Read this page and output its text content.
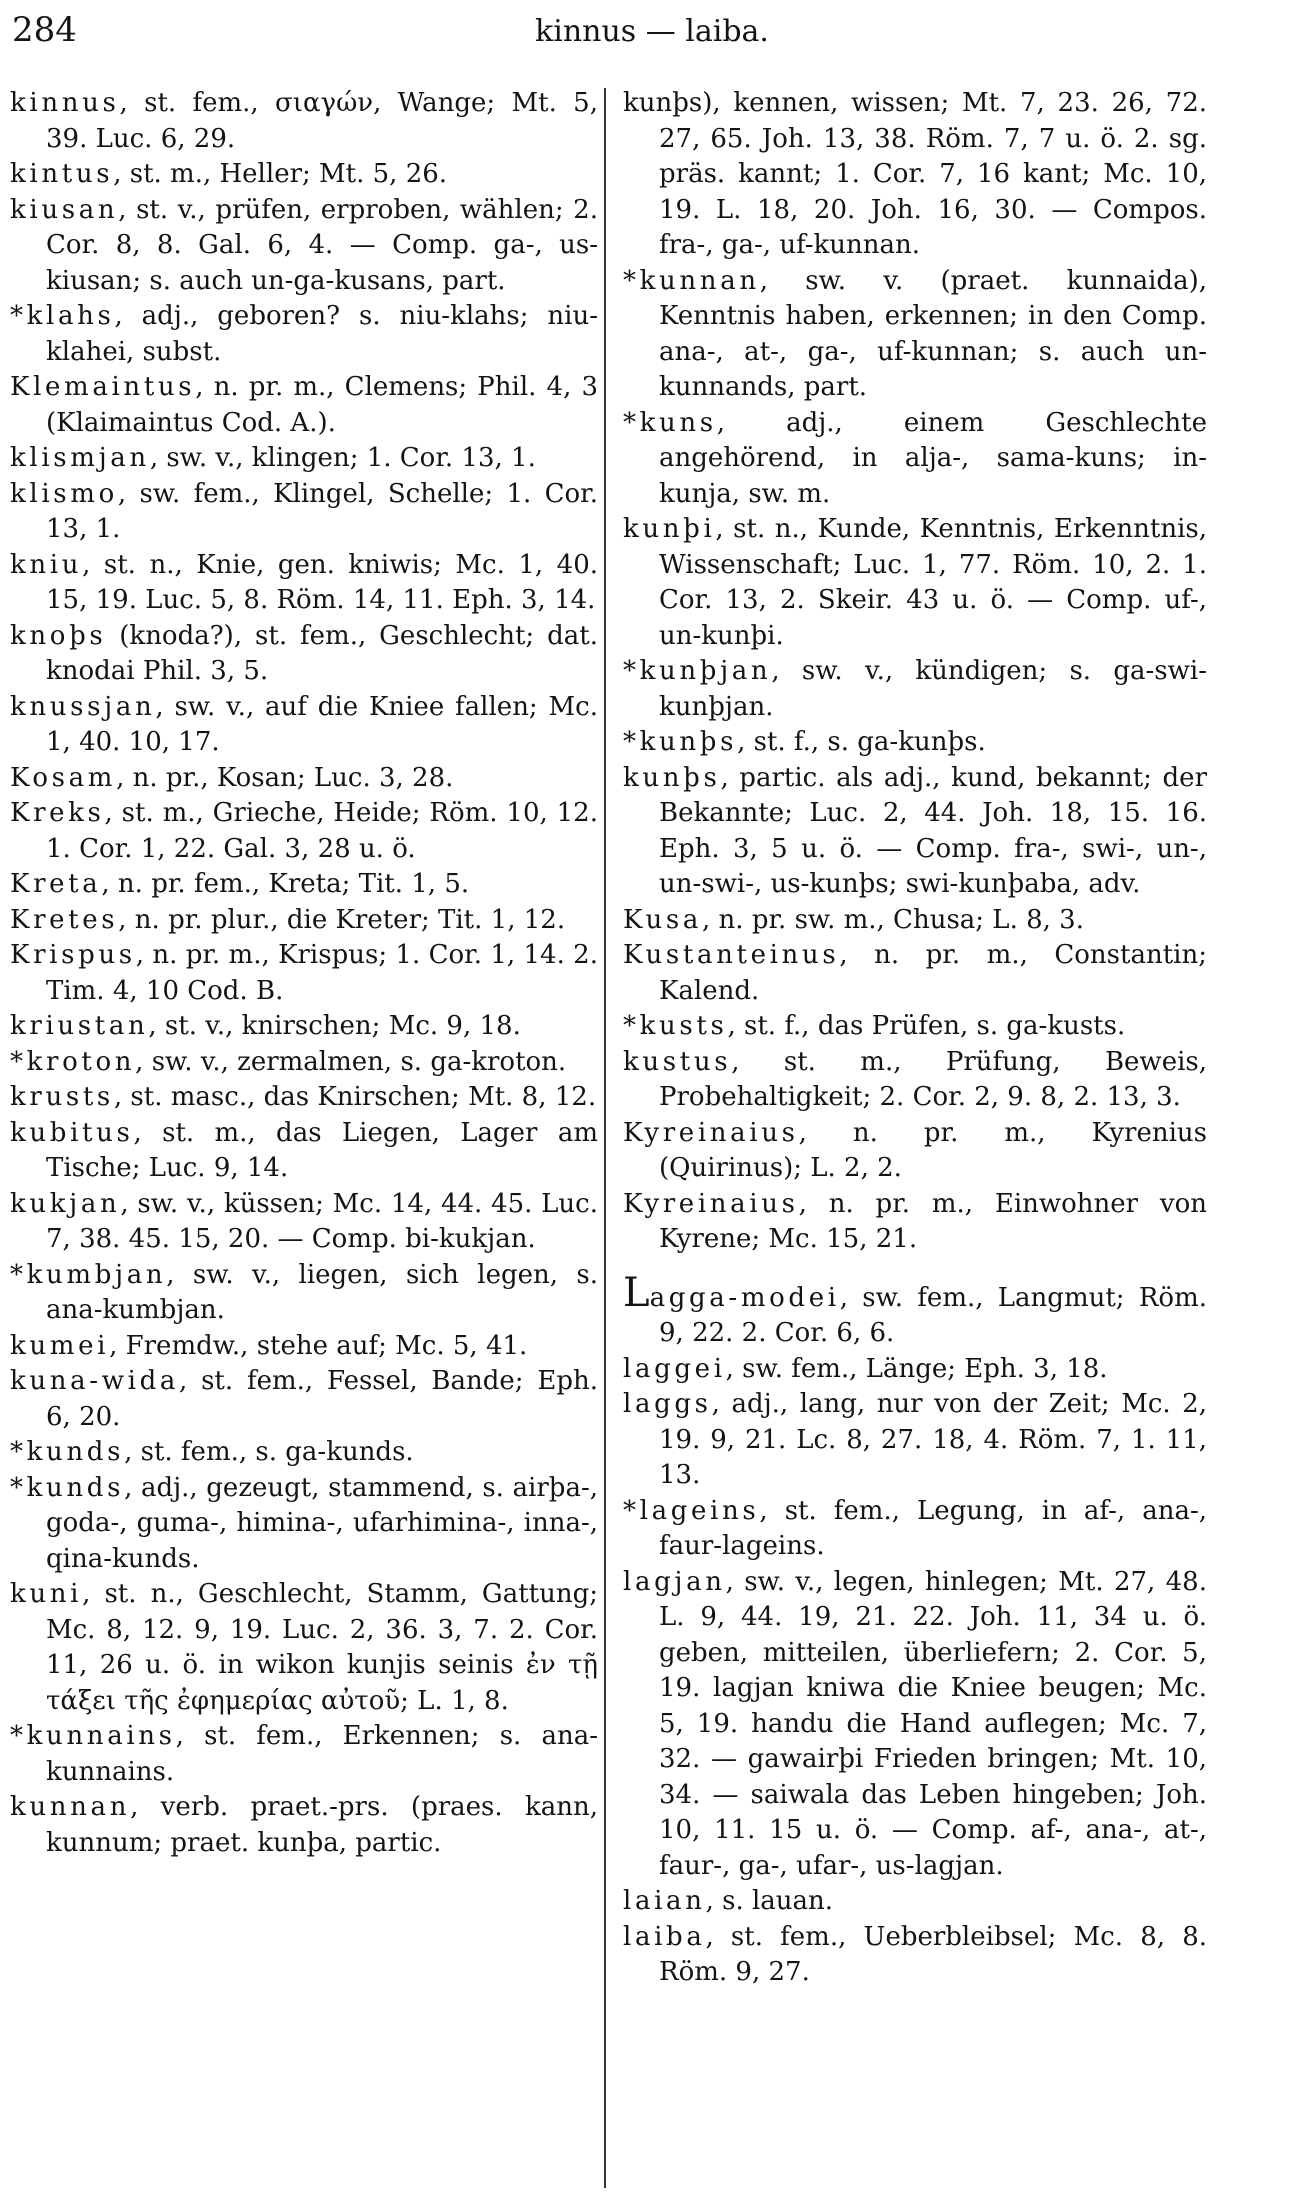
284	kinnus — laiba.

kinnus, st. fem., σιαγών, Wange; Mt. 5, 39. Luc. 6, 29.

kintus, st. m., Heller; Mt. 5, 26.

kiusan, st. v., prüfen, erproben, wählen; 2. Cor. 8, 8. Gal. 6, 4. — Comp. ga-, us-kiusan; s. auch un-ga-kusans, part.

*klahs, adj., geboren? s. niu-klahs; niu-klahei, subst.

Klemaintus, n. pr. m., Clemens; Phil. 4, 3 (Klaimaintus Cod. A.).

klismjan, sw. v., klingen; 1. Cor. 13, 1.

klismo, sw. fem., Klingel, Schelle; 1. Cor. 13, 1.

kniu, st. n., Knie, gen. kniwis; Mc. 1, 40. 15, 19. Luc. 5, 8. Röm. 14, 11. Eph. 3, 14.

knoþs (knoda?), st. fem., Geschlecht; dat. knodai Phil. 3, 5.

knussjan, sw. v., auf die Kniee fallen; Mc. 1, 40. 10, 17.

Kosam, n. pr., Kosan; Luc. 3, 28.

Kreks, st. m., Grieche, Heide; Röm. 10, 12. 1. Cor. 1, 22. Gal. 3, 28 u. ö.

Kreta, n. pr. fem., Kreta; Tit. 1, 5.

Kretes, n. pr. plur., die Kreter; Tit. 1, 12.

Krispus, n. pr. m., Krispus; 1. Cor. 1, 14. 2. Tim. 4, 10 Cod. B.

kriustan, st. v., knirschen; Mc. 9, 18.

*kroton, sw. v., zermalmen, s. ga-kroton.

krusts, st. masc., das Knirschen; Mt. 8, 12.

kubitus, st. m., das Liegen, Lager am Tische; Luc. 9, 14.

kukjan, sw. v., küssen; Mc. 14, 44. 45. Luc. 7, 38. 45. 15, 20. — Comp. bi-kukjan.

*kumbjan, sw. v., liegen, sich legen, s. ana-kumbjan.

kumei, Fremdw., stehe auf; Mc. 5, 41.

kuna-wida, st. fem., Fessel, Bande; Eph. 6, 20.

*kunds, st. fem., s. ga-kunds.

*kunds, adj., gezeugt, stammend, s. airþa-, goda-, guma-, himina-, ufarhimina-, inna-, qina-kunds.

kuni, st. n., Geschlecht, Stamm, Gattung; Mc. 8, 12. 9, 19. Luc. 2, 36. 3, 7. 2. Cor. 11, 26 u. ö. in wikon kunjis seinis ἐν τῇ τάξει τῆς ἐφημερίας αὐτοῦ; L. 1, 8.

*kunnains, st. fem., Erkennen; s. ana-kunnains.

kunnan, verb. praet.-prs. (praes. kann, kunnum; praet. kunþa, partic.

kunþs), kennen, wissen; Mt. 7, 23. 26, 72. 27, 65. Joh. 13, 38. Röm. 7, 7 u. ö. 2. sg. präs. kannt; 1. Cor. 7, 16 kant; Mc. 10, 19. L. 18, 20. Joh. 16, 30. — Compos. fra-, ga-, uf-kunnan.

*kunnan, sw. v. (praet. kunnaida), Kenntnis haben, erkennen; in den Comp. ana-, at-, ga-, uf-kunnan; s. auch un-kunnands, part.

*kuns, adj., einem Geschlechte angehörend, in alja-, sama-kuns; in-kunja, sw. m.

kunþi, st. n., Kunde, Kenntnis, Erkenntnis, Wissenschaft; Luc. 1, 77. Röm. 10, 2. 1. Cor. 13, 2. Skeir. 43 u. ö. — Comp. uf-, un-kunþi.

*kunþjan, sw. v., kündigen; s. ga-swi-kunþjan.

*kunþs, st. f., s. ga-kunþs.

kunþs, partic. als adj., kund, bekannt; der Bekannte; Luc. 2, 44. Joh. 18, 15. 16. Eph. 3, 5 u. ö. — Comp. fra-, swi-, un-, un-swi-, us-kunþs; swi-kunþaba, adv.

Kusa, n. pr. sw. m., Chusa; L. 8, 3.

Kustanteinus, n. pr. m., Constantin; Kalend.

*kusts, st. f., das Prüfen, s. ga-kusts.

kustus, st. m., Prüfung, Beweis, Probehaltigkeit; 2. Cor. 2, 9. 8, 2. 13, 3.

Kyreinaius, n. pr. m., Kyrenius (Quirinus); L. 2, 2.

Kyreinaius, n. pr. m., Einwohner von Kyrene; Mc. 15, 21.

Lagga-modei, sw. fem., Langmut; Röm. 9, 22. 2. Cor. 6, 6.

laggei, sw. fem., Länge; Eph. 3, 18.

laggs, adj., lang, nur von der Zeit; Mc. 2, 19. 9, 21. Lc. 8, 27. 18, 4. Röm. 7, 1. 11, 13.

*lageins, st. fem., Legung, in af-, ana-, faur-lageins.

lagjan, sw. v., legen, hinlegen; Mt. 27, 48. L. 9, 44. 19, 21. 22. Joh. 11, 34 u. ö. geben, mitteilen, überliefern; 2. Cor. 5, 19. lagjan kniwa die Kniee beugen; Mc. 5, 19. handu die Hand auflegen; Mc. 7, 32. — gawairþi Frieden bringen; Mt. 10, 34. — saiwala das Leben hingeben; Joh. 10, 11. 15 u. ö. — Comp. af-, ana-, at-, faur-, ga-, ufar-, us-lagjan.

laian, s. lauan.

laiba, st. fem., Ueberbleibsel; Mc. 8, 8. Röm. 9, 27.
